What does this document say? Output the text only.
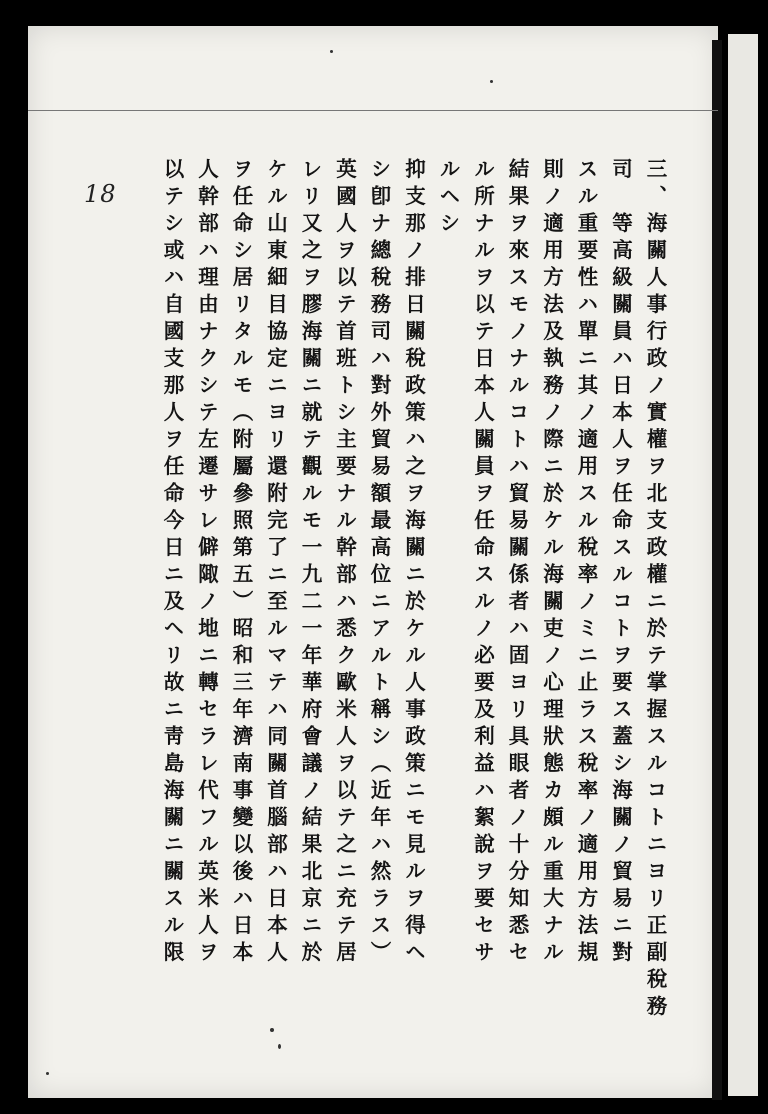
18	三、海關人事行政ノ實權ヲ北支政權ニ於テ掌握スルコトニヨリ正副稅務
司　等高級關員ハ日本人ヲ任命スルコトヲ要ス蓋シ海關ノ貿易ニ對
スル重要性ハ單ニ其ノ適用スル稅率ノミニ止ラス稅率ノ適用方法規
則ノ適用方法及執務ノ際ニ於ケル海關吏ノ心理狀態カ頗ル重大ナル
結果ヲ來スモノナルコトハ貿易關係者ハ固ヨリ具眼者ノ十分知悉セ
ル所ナルヲ以テ日本人關員ヲ任命スルノ必要及利益ハ絮說ヲ要セサ
ルヘシ
抑支那ノ排日關稅政策ハ之ヲ海關ニ於ケル人事政策ニモ見ルヲ得ヘ
シ卽ナ總稅務司ハ對外貿易額最高位ニアルト稱シ（近年ハ然ラス）
英國人ヲ以テ首班トシ主要ナル幹部ハ悉ク歐米人ヲ以テ之ニ充テ居
レリ又之ヲ膠海關ニ就テ觀ルモ一九二一年華府會議ノ結果北京ニ於
ケル山東細目協定ニヨリ還附完了ニ至ルマテハ同關首腦部ハ日本人
ヲ任命シ居リタルモ（附屬參照第五）昭和三年濟南事變以後ハ日本
人幹部ハ理由ナクシテ左遷サレ僻陬ノ地ニ轉セラレ代フル英米人ヲ
以テシ或ハ自國支那人ヲ任命今日ニ及ヘリ故ニ靑島海關ニ關スル限
